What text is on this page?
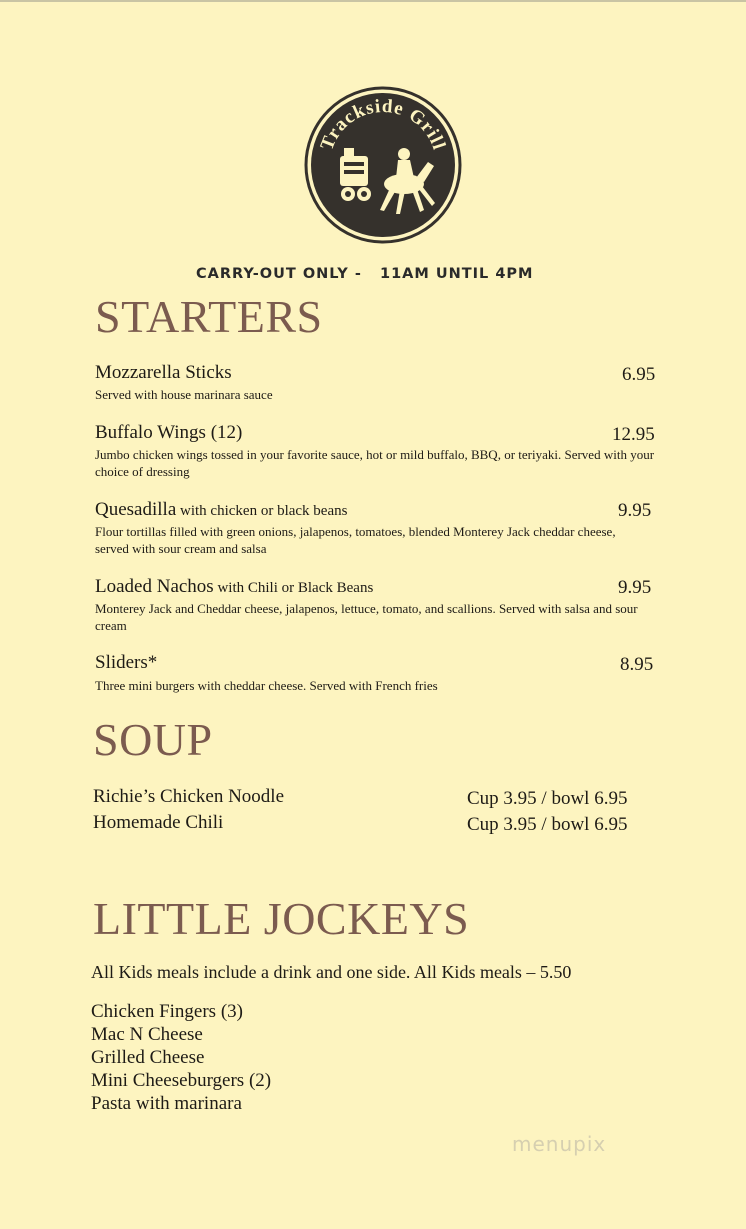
Trackside Grill
CARRY-OUT ONLY -   11AM UNTIL 4PM
STARTERS
Mozzarella Sticks	6.95
Served with house marinara sauce
Buffalo Wings (12)	12.95
Jumbo chicken wings tossed in your favorite sauce, hot or mild buffalo, BBQ, or teriyaki. Served with your choice of dressing
Quesadilla with chicken or black beans	9.95
Flour tortillas filled with green onions, jalapenos, tomatoes, blended Monterey Jack cheddar cheese, served with sour cream and salsa
Loaded Nachos with Chili or Black Beans	9.95
Monterey Jack and Cheddar cheese, jalapenos, lettuce, tomato, and scallions. Served with salsa and sour cream
Sliders*	8.95
Three mini burgers with cheddar cheese. Served with French fries
SOUP
Richie’s Chicken Noodle	Cup 3.95 / bowl 6.95
Homemade Chili	Cup 3.95 / bowl 6.95
LITTLE JOCKEYS
All Kids meals include a drink and one side. All Kids meals – 5.50
Chicken Fingers (3)
Mac N Cheese
Grilled Cheese
Mini Cheeseburgers (2)
Pasta with marinara
menupix
